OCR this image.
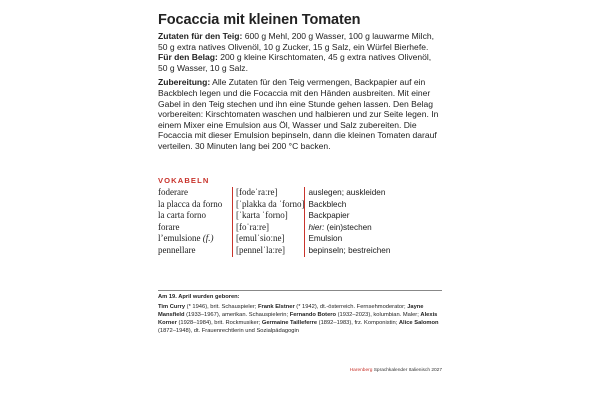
Focaccia mit kleinen Tomaten

Zutaten für den Teig: 600 g Mehl, 200 g Wasser, 100 g lauwarme Milch, 50 g extra natives Olivenöl, 10 g Zucker, 15 g Salz, ein Würfel Bierhefe.

Für den Belag: 200 g kleine Kirschtomaten, 45 g extra natives Olivenöl, 50 g Wasser, 10 g Salz.

Zubereitung: Alle Zutaten für den Teig vermengen, Backpapier auf ein Backblech legen und die Focaccia mit den Händen ausbreiten. Mit einer Gabel in den Teig stechen und ihn eine Stunde gehen lassen. Den Belag vorbereiten: Kirschtomaten waschen und halbieren und zur Seite legen. In einem Mixer eine Emulsion aus Öl, Wasser und Salz zubereiten. Die Focaccia mit dieser Emulsion bepinseln, dann die kleinen Tomaten darauf verteilen. 30 Minuten lang bei 200 °C backen.

VOKABELN
foderare	[fodeˈraːre]	auslegen; auskleiden
la placca da forno	[ˈplakka da ˈforno]	Backblech
la carta forno	[ˈkarta ˈforno]	Backpapier
forare	[foˈraːre]	hier: (ein)stechen
l’emulsione (f.)	[emulˈsioːne]	Emulsion
pennellare	[pennelˈlaːre]	bepinseln; bestreichen

Am 19. April wurden geboren:

Tim Curry (* 1946), brit. Schauspieler; Frank Elstner (* 1942), dt.-österreich. Fernsehmoderator; Jayne Mansfield (1933–1967), amerikan. Schauspielerin; Fernando Botero (1932–2023), kolumbian. Maler; Alexis Korner (1928–1984), brit. Rockmusiker; Germaine Tailleferre (1892–1983), frz. Komponistin; Alice Salomon (1872–1948), dt. Frauenrechtlerin und Sozialpädagogin

Harenberg Sprachkalender Italienisch 2027
